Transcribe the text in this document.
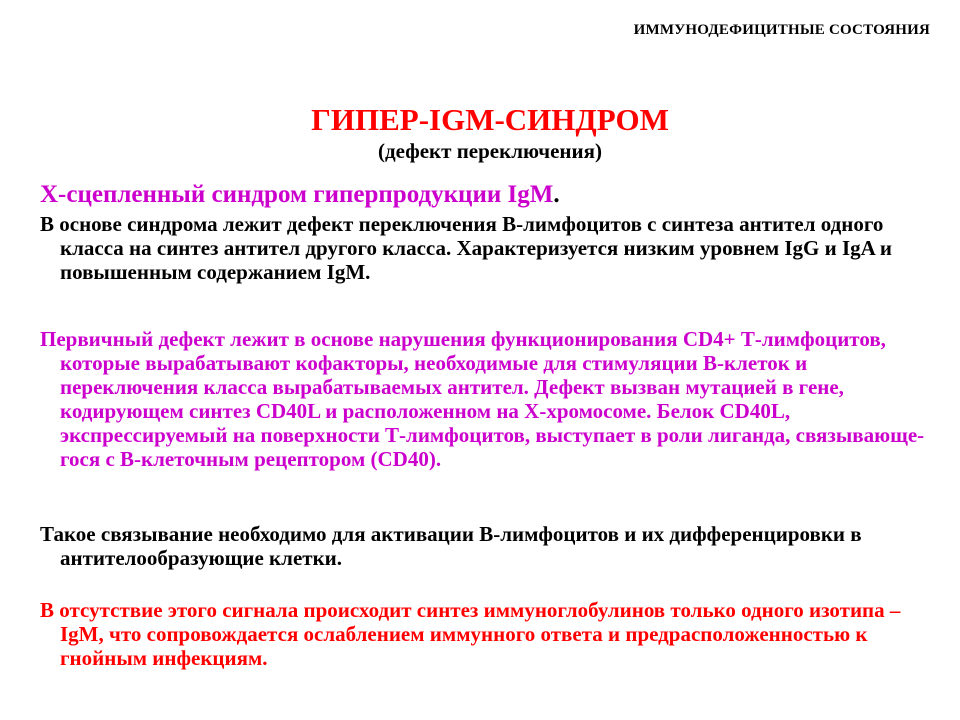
ИММУНОДЕФИЦИТНЫЕ СОСТОЯНИЯ
ГИПЕР-IGM-СИНДРОМ
(дефект переключения)
Х-сцепленный синдром гиперпродукции IgM.
В основе синдрома лежит дефект переключения В-лимфоцитов с синтеза антител одного класса на синтез антител другого класса. Характеризуется низким уровнем IgG и IgA и повышенным содержанием IgM.
Первичный дефект лежит в основе нарушения функционирования CD4+ Т-лимфоцитов, которые вырабатывают кофакторы, необходимые для стимуляции В-клеток и переключения класса вырабатываемых антител. Дефект вызван мутацией в гене, кодирующем синтез CD40L и расположенном на Х-хромосоме. Белок CD40L, экспрессируемый на поверхности Т-лимфоцитов, выступает в роли лиганда, связывающе-гося с В-клеточным рецептором (CD40).
Такое связывание необходимо для активации В-лимфоцитов и их дифференцировки в антителообразующие клетки.
В отсутствие этого сигнала происходит синтез иммуноглобулинов только одного изотипа – IgM, что сопровождается ослаблением иммунного ответа и предрасположенностью к гнойным инфекциям.
